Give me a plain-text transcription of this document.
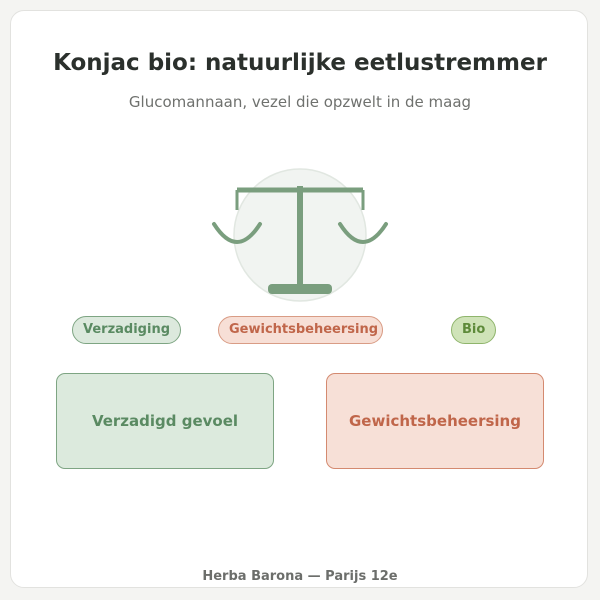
Konjac bio: natuurlijke eetlustremmer
Glucomannaan, vezel die opzwelt in de maag
Verzadiging	Gewichtsbeheersing	Bio
Verzadigd gevoel	Gewichtsbeheersing
Herba Barona — Parijs 12e
